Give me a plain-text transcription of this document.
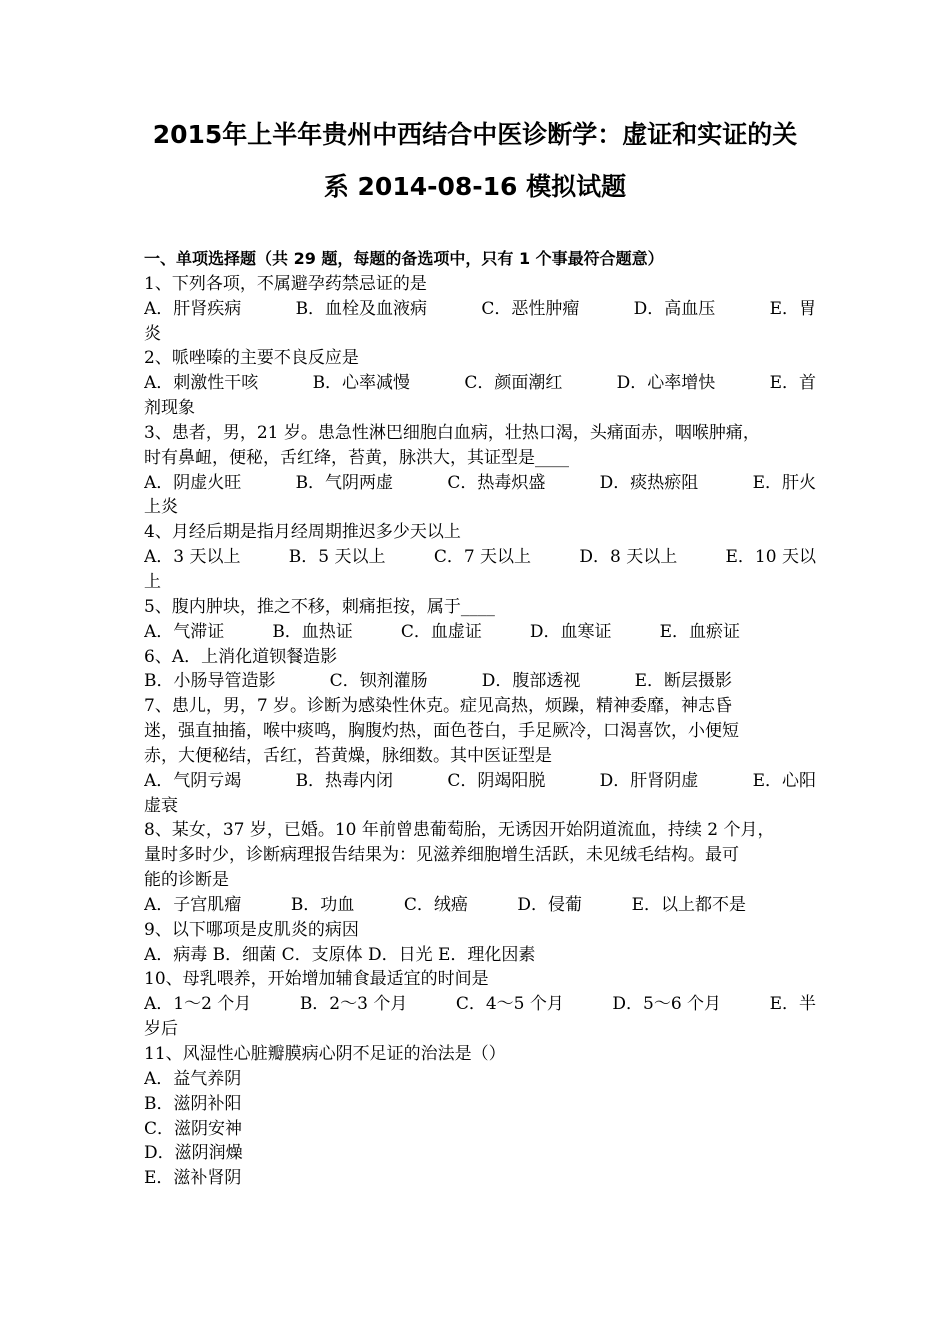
2015年上半年贵州中西结合中医诊断学：虚证和实证的关
系 2014-08-16 模拟试题
一、单项选择题（共 29 题，每题的备选项中，只有 1 个事最符合题意）
1、下列各项，不属避孕药禁忌证的是
A．肝肾疾病	B．血栓及血液病	C．恶性肿瘤	D．高血压	E．胃
炎
2、哌唑嗪的主要不良反应是
A．刺激性干咳	B．心率减慢	C．颜面潮红	D．心率增快	E．首
剂现象
3、患者，男，21 岁。患急性淋巴细胞白血病，壮热口渴，头痛面赤，咽喉肿痛，
时有鼻衄，便秘，舌红绛，苔黄，脉洪大，其证型是____
A．阴虚火旺	B．气阴两虚	C．热毒炽盛	D．痰热瘀阻	E．肝火
上炎
4、月经后期是指月经周期推迟多少天以上
A．3 天以上	B．5 天以上	C．7 天以上	D．8 天以上	E．10 天以
上
5、腹内肿块，推之不移，刺痛拒按，属于____
A．气滞证	B．血热证	C．血虚证	D．血寒证	E．血瘀证
6、A．上消化道钡餐造影
B．小肠导管造影	C．钡剂灌肠	D．腹部透视	E．断层摄影
7、患儿，男，7 岁。诊断为感染性休克。症见高热，烦躁，精神委靡，神志昏
迷，强直抽搐，喉中痰鸣，胸腹灼热，面色苍白，手足厥冷，口渴喜饮，小便短
赤，大便秘结，舌红，苔黄燥，脉细数。其中医证型是
A．气阴亏竭	B．热毒内闭	C．阴竭阳脱	D．肝肾阴虚	E．心阳
虚衰
8、某女，37 岁，已婚。10 年前曾患葡萄胎，无诱因开始阴道流血，持续 2 个月，
量时多时少，诊断病理报告结果为：见滋养细胞增生活跃，未见绒毛结构。最可
能的诊断是
A．子宫肌瘤	B．功血	C．绒癌	D．侵葡	E．以上都不是
9、以下哪项是皮肌炎的病因
A．病毒 B．细菌 C．支原体 D．日光 E．理化因素
10、母乳喂养，开始增加辅食最适宜的时间是
A．1～2 个月	B．2～3 个月	C．4～5 个月	D．5～6 个月	E．半
岁后
11、风湿性心脏瓣膜病心阴不足证的治法是（）
A．益气养阴
B．滋阴补阳
C．滋阴安神
D．滋阴润燥
E．滋补肾阴
